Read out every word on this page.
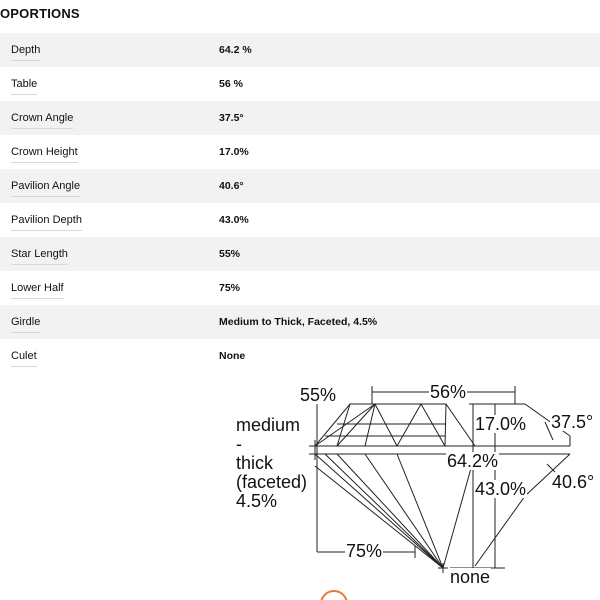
OPORTIONS
Depth	64.2 %
Table	56 %
Crown Angle	37.5°
Crown Height	17.0%
Pavilion Angle	40.6°
Pavilion Depth	43.0%
Star Length	55%
Lower Half	75%
Girdle	Medium to Thick, Faceted, 4.5%
Culet	None
55%	56%
17.0% 37.5°
medium
-
thick
(faceted)
4.5%
64.2%
43.0% 40.6°
75%
none
